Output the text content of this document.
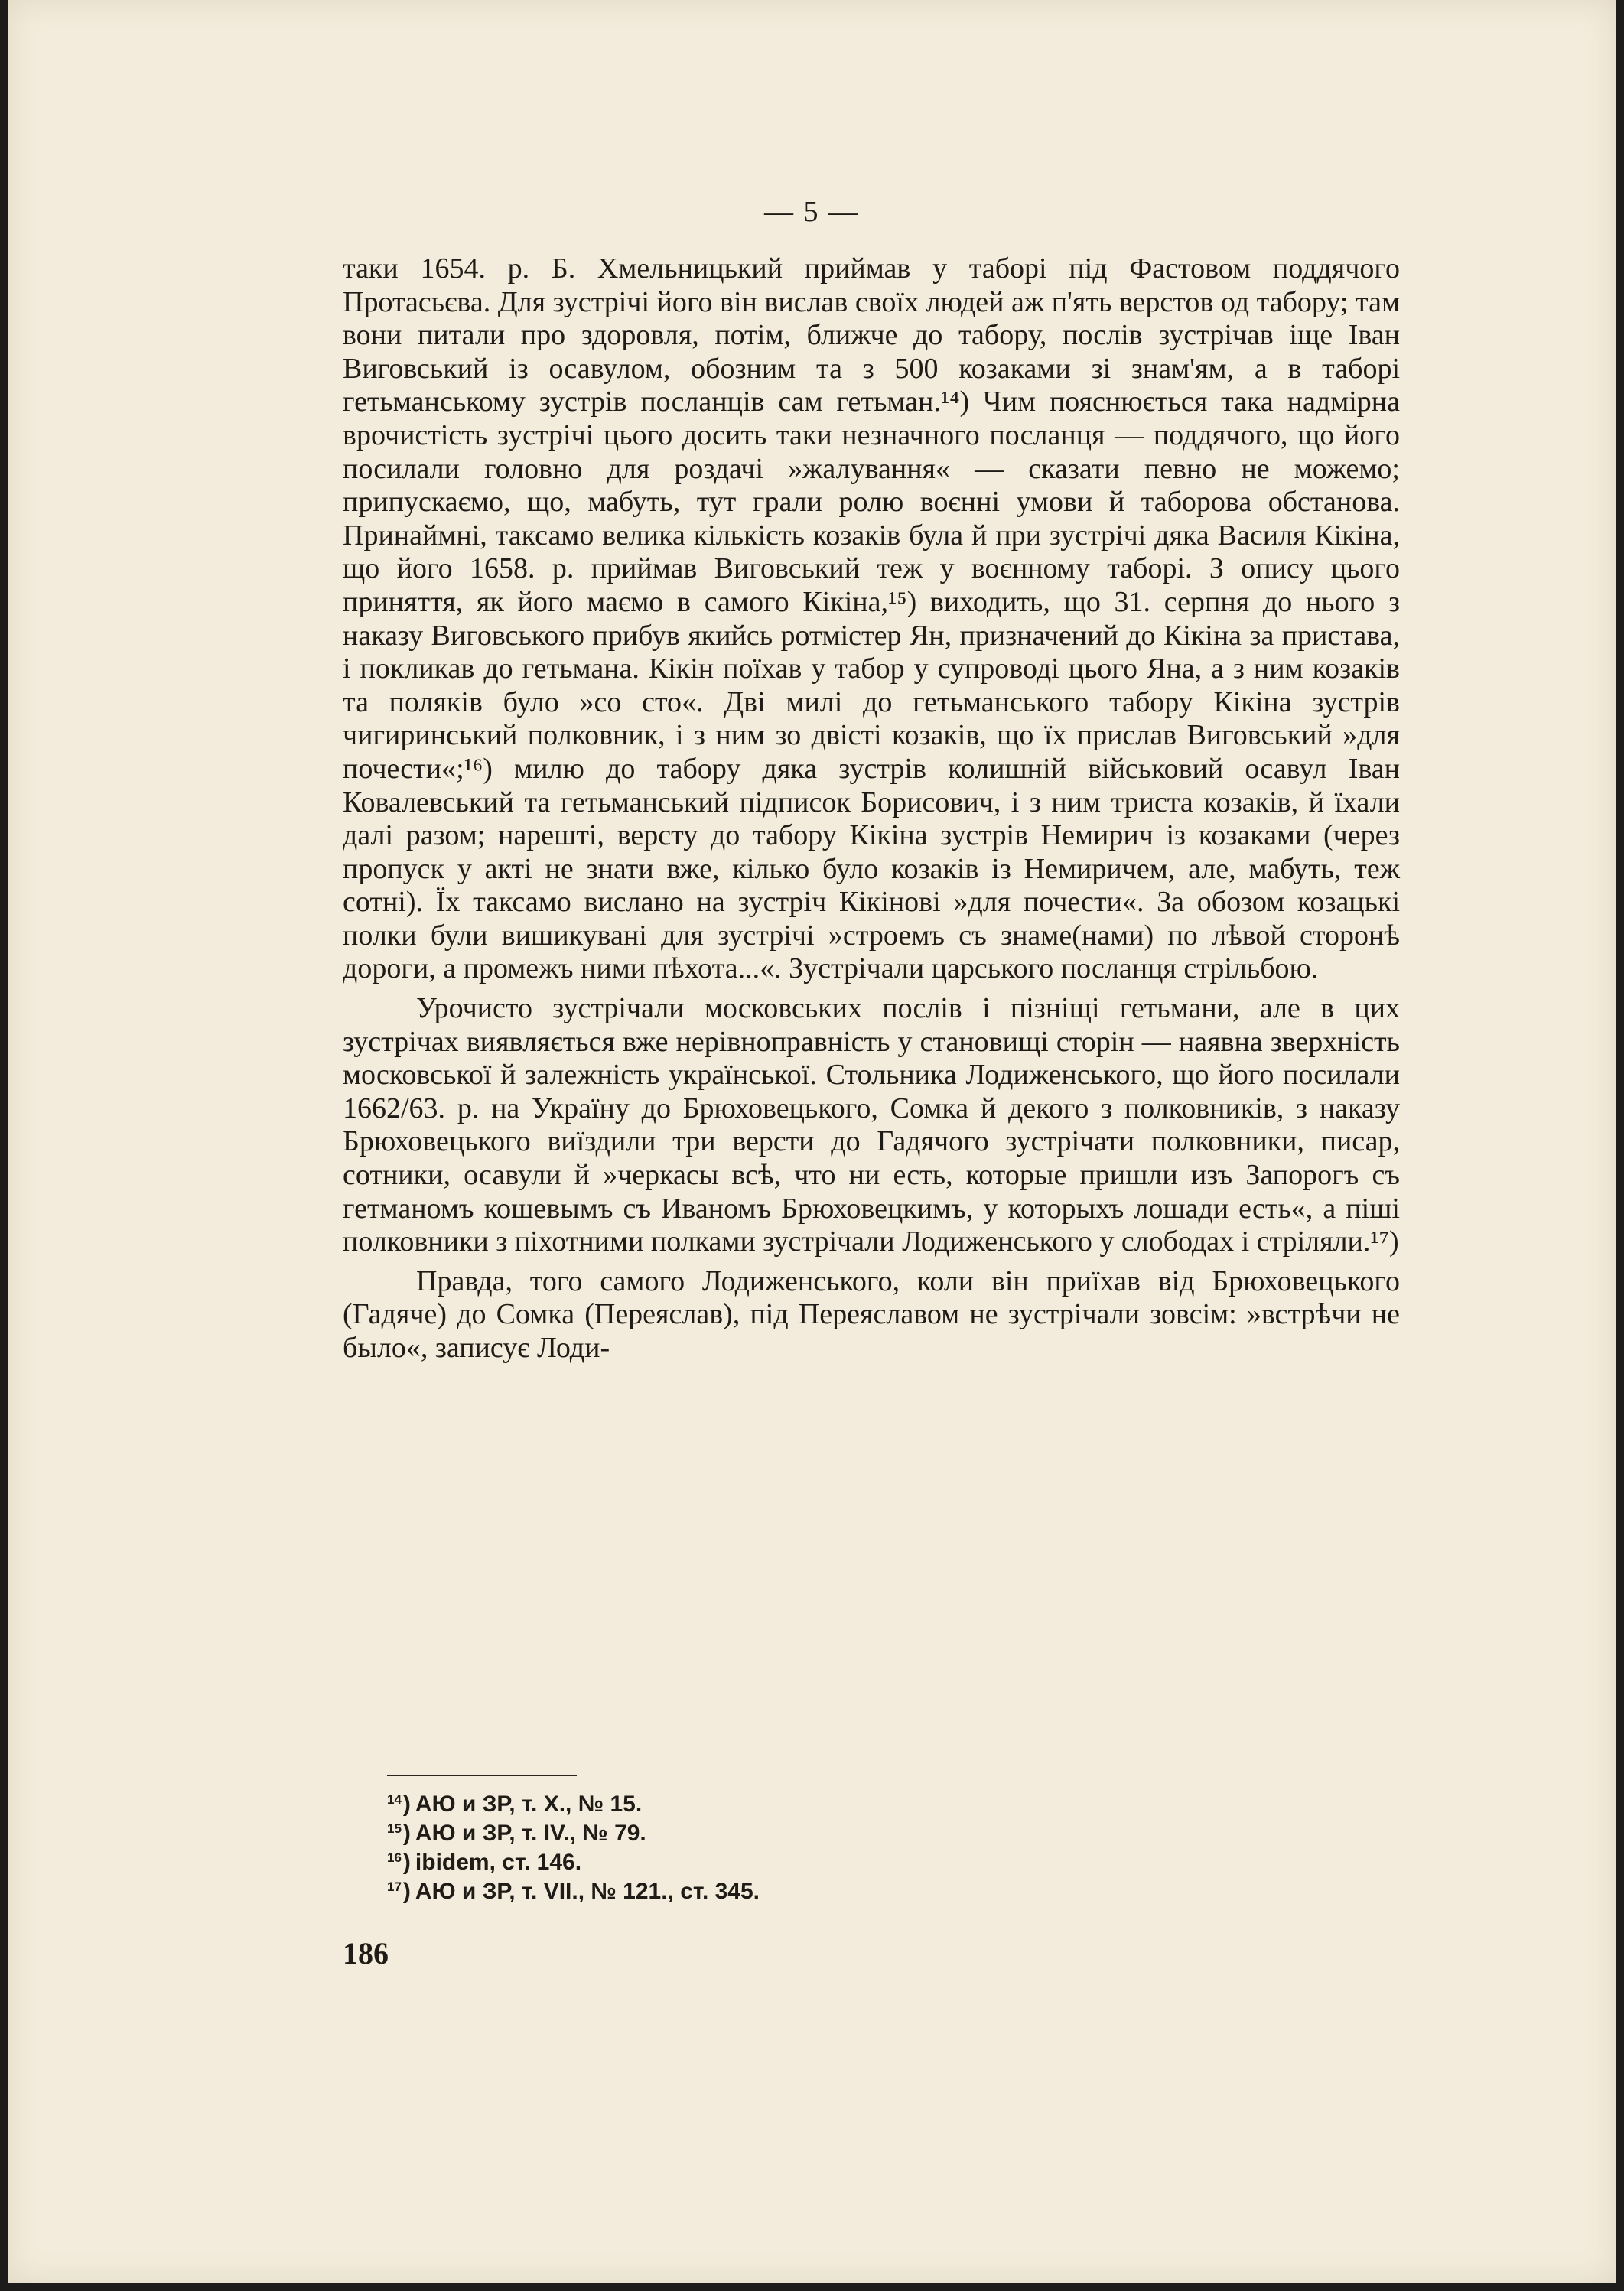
— 5 —

таки 1654. р. Б. Хмельницький приймав у таборі під Фастовом поддячого Протасьєва. Для зустрічі його він вислав своїх людей аж п'ять верстов од табору; там вони питали про здоровля, потім, ближче до табору, послів зустрічав іще Іван Виговський із осавулом, обозним та з 500 козаками зі знам'ям, а в таборі гетьманському зустрів посланців сам гетьман.¹⁴) Чим пояснюється така надмірна врочистість зустрічі цього досить таки незначного посланця — поддячого, що його посилали головно для роздачі »жалування« — сказати певно не можемо; припускаємо, що, мабуть, тут грали ролю воєнні умови й таборова обстанова. Принаймні, таксамо велика кількість козаків була й при зустрічі дяка Василя Кікіна, що його 1658. р. приймав Виговський теж у воєнному таборі. З опису цього приняття, як його маємо в самого Кікіна,¹⁵) виходить, що 31. серпня до нього з наказу Виговського прибув якийсь ротмістер Ян, призначений до Кікіна за пристава, і покликав до гетьмана. Кікін поїхав у табор у супроводі цього Яна, а з ним козаків та поляків було »со сто«. Дві милі до гетьманського табору Кікіна зустрів чигиринський полковник, і з ним зо двісті козаків, що їх прислав Виговський »для почести«;¹⁶) милю до табору дяка зустрів колишній військовий осавул Іван Ковалевський та гетьманський підписок Борисович, і з ним триста козаків, й їхали далі разом; нарешті, версту до табору Кікіна зустрів Немирич із козаками (через пропуск у акті не знати вже, кілько було козаків із Немиричем, але, мабуть, теж сотні). Їх таксамо вислано на зустріч Кікінові »для почести«. За обозом козацькі полки були вишикувані для зустрічі »строемъ съ знаме(нами) по лѣвой сторонѣ дороги, а промежъ ними пѣхота...«. Зустрічали царського посланця стрільбою.

Урочисто зустрічали московських послів і пізніщі гетьмани, але в цих зустрічах виявляється вже нерівноправність у становищі сторін — наявна зверхність московської й залежність української. Стольника Лодиженського, що його посилали 1662/63. р. на Україну до Брюховецького, Сомка й декого з полковників, з наказу Брюховецького виїздили три версти до Гадячого зустрічати полковники, писар, сотники, осавули й »черкасы всѣ, что ни есть, которые пришли изъ Запорогъ съ гетманомъ кошевымъ съ Иваномъ Брюховецкимъ, у которыхъ лошади есть«, а піші полковники з піхотними полками зустрічали Лодиженського у слободах і стріляли.¹⁷)

Правда, того самого Лодиженського, коли він приїхав від Брюховецького (Гадяче) до Сомка (Переяслав), під Переяславом не зустрічали зовсім: »встрѣчи не было«, записує Лоди-

$^{14}$) АЮ и ЗР, т. X., № 15.

$^{15}$) АЮ и ЗР, т. IV., № 79.

$^{16}$) ibidem, ст. 146.

$^{17}$) АЮ и ЗР, т. VII., № 121., ст. 345.

186
